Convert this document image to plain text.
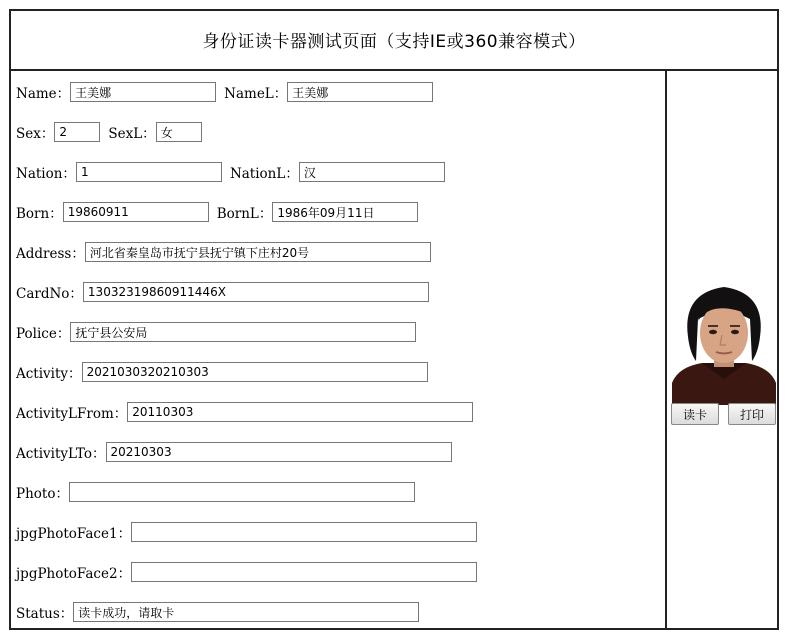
身份证读卡器测试页面（支持IE或360兼容模式）
Name：
王美娜	NameL：
王美娜
Sex：
2	SexL：
女
Nation：
1	NationL：
汉
Born：
19860911	BornL：
1986年09月11日
Address：
河北省秦皇岛市抚宁县抚宁镇下庄村20号
CardNo：
13032319860911446X
Police：
抚宁县公安局
Activity：
2021030320210303
ActivityLFrom：
20110303
ActivityLTo：
20210303
Photo：
jpgPhotoFace1：
jpgPhotoFace2：
Status：
读卡成功，请取卡
读卡	打印
